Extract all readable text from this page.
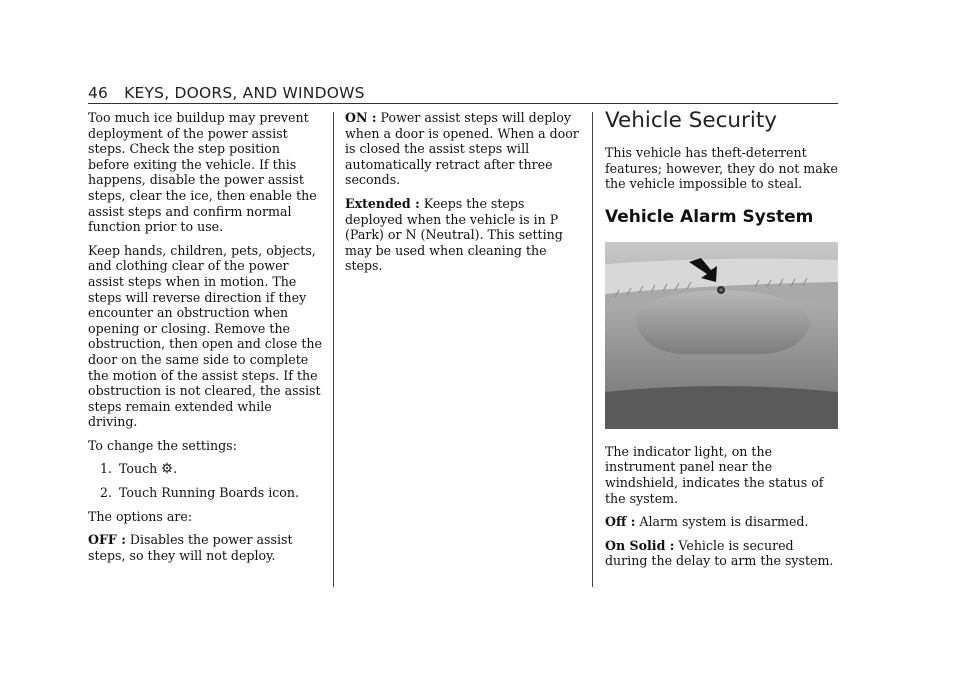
46 KEYS, DOORS, AND WINDOWS

Too much ice buildup may prevent deployment of the power assist steps. Check the step position before exiting the vehicle. If this happens, disable the power assist steps, clear the ice, then enable the assist steps and confirm normal function prior to use.

Keep hands, children, pets, objects, and clothing clear of the power assist steps when in motion. The steps will reverse direction if they encounter an obstruction when opening or closing. Remove the obstruction, then open and close the door on the same side to complete the motion of the assist steps. If the obstruction is not cleared, the assist steps remain extended while driving.

To change the settings:

1. Touch .
2. Touch Running Boards icon.

The options are:

OFF : Disables the power assist steps, so they will not deploy.

ON : Power assist steps will deploy when a door is opened. When a door is closed the assist steps will automatically retract after three seconds.

Extended : Keeps the steps deployed when the vehicle is in P (Park) or N (Neutral). This setting may be used when cleaning the steps.

Vehicle Security

This vehicle has theft-deterrent features; however, they do not make the vehicle impossible to steal.

Vehicle Alarm System

The indicator light, on the instrument panel near the windshield, indicates the status of the system.

Off : Alarm system is disarmed.

On Solid : Vehicle is secured during the delay to arm the system.
